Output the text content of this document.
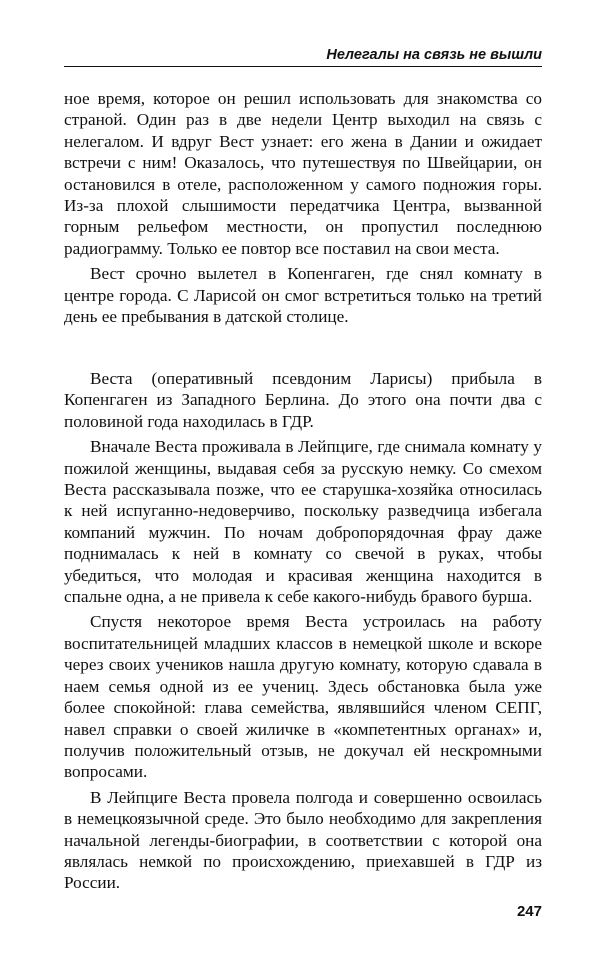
Нелегалы на связь не вышли

ное время, которое он решил использовать для знакомства со страной. Один раз в две недели Центр выходил на связь с нелегалом. И вдруг Вест узнает: его жена в Дании и ожидает встречи с ним! Оказалось, что путешествуя по Швейцарии, он остановился в отеле, расположенном у самого подножия горы. Из-за плохой слышимости передатчика Центра, вызванной горным рельефом местности, он пропустил последнюю радиограмму. Только ее повтор все поставил на свои места.

Вест срочно вылетел в Копенгаген, где снял комнату в центре города. С Ларисой он смог встретиться только на третий день ее пребывания в датской столице.

Веста (оперативный псевдоним Ларисы) прибыла в Копенгаген из Западного Берлина. До этого она почти два с половиной года находилась в ГДР.

Вначале Веста проживала в Лейпциге, где снимала комнату у пожилой женщины, выдавая себя за русскую немку. Со смехом Веста рассказывала позже, что ее старушка-хозяйка относилась к ней испуганно-недоверчиво, поскольку разведчица избегала компаний мужчин. По ночам добропорядочная фрау даже поднималась к ней в комнату со свечой в руках, чтобы убедиться, что молодая и красивая женщина находится в спальне одна, а не привела к себе какого-нибудь бравого бурша.

Спустя некоторое время Веста устроилась на работу воспитательницей младших классов в немецкой школе и вскоре через своих учеников нашла другую комнату, которую сдавала в наем семья одной из ее учениц. Здесь обстановка была уже более спокойной: глава семейства, являвшийся членом СЕПГ, навел справки о своей жиличке в «компетентных органах» и, получив положительный отзыв, не докучал ей нескромными вопросами.

В Лейпциге Веста провела полгода и совершенно освоилась в немецкоязычной среде. Это было необходимо для закрепления начальной легенды-биографии, в соответствии с которой она являлась немкой по происхождению, приехавшей в ГДР из России.

247
